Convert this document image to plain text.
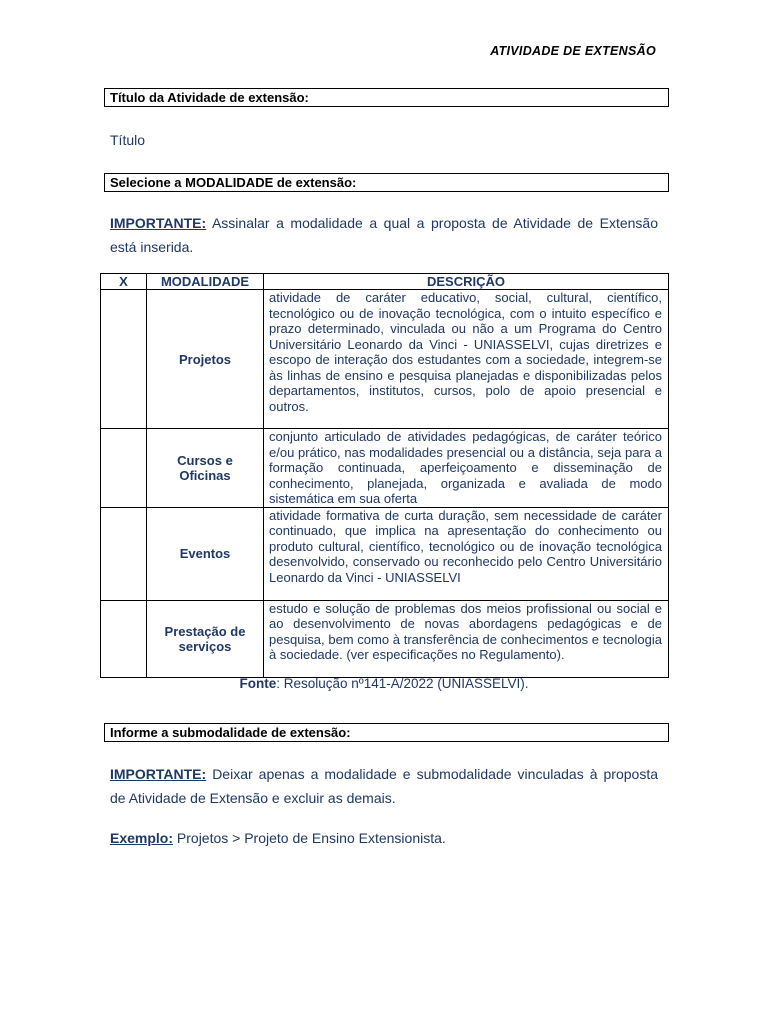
ATIVIDADE DE EXTENSÃO
Título da Atividade de extensão:
Título
Selecione a MODALIDADE de extensão:
IMPORTANTE: Assinalar a modalidade a qual a proposta de Atividade de Extensão está inserida.
X	MODALIDADE	DESCRIÇÃO
	Projetos	atividade de caráter educativo, social, cultural, científico, tecnológico ou de inovação tecnológica, com o intuito específico e prazo determinado, vinculada ou não a um Programa do Centro Universitário Leonardo da Vinci - UNIASSELVI, cujas diretrizes e escopo de interação dos estudantes com a sociedade, integrem-se às linhas de ensino e pesquisa planejadas e disponibilizadas pelos departamentos, institutos, cursos, polo de apoio presencial e outros.
	Cursos e Oficinas	conjunto articulado de atividades pedagógicas, de caráter teórico e/ou prático, nas modalidades presencial ou a distância, seja para a formação continuada, aperfeiçoamento e disseminação de conhecimento, planejada, organizada e avaliada de modo sistemática em sua oferta
	Eventos	atividade formativa de curta duração, sem necessidade de caráter continuado, que implica na apresentação do conhecimento ou produto cultural, científico, tecnológico ou de inovação tecnológica desenvolvido, conservado ou reconhecido pelo Centro Universitário Leonardo da Vinci - UNIASSELVI
	Prestação de serviços	estudo e solução de problemas dos meios profissional ou social e ao desenvolvimento de novas abordagens pedagógicas e de pesquisa, bem como à transferência de conhecimentos e tecnologia à sociedade. (ver especificações no Regulamento).
Fonte: Resolução nº141-A/2022 (UNIASSELVI).
Informe a submodalidade de extensão:
IMPORTANTE: Deixar apenas a modalidade e submodalidade vinculadas à proposta de Atividade de Extensão e excluir as demais.
Exemplo: Projetos > Projeto de Ensino Extensionista.
